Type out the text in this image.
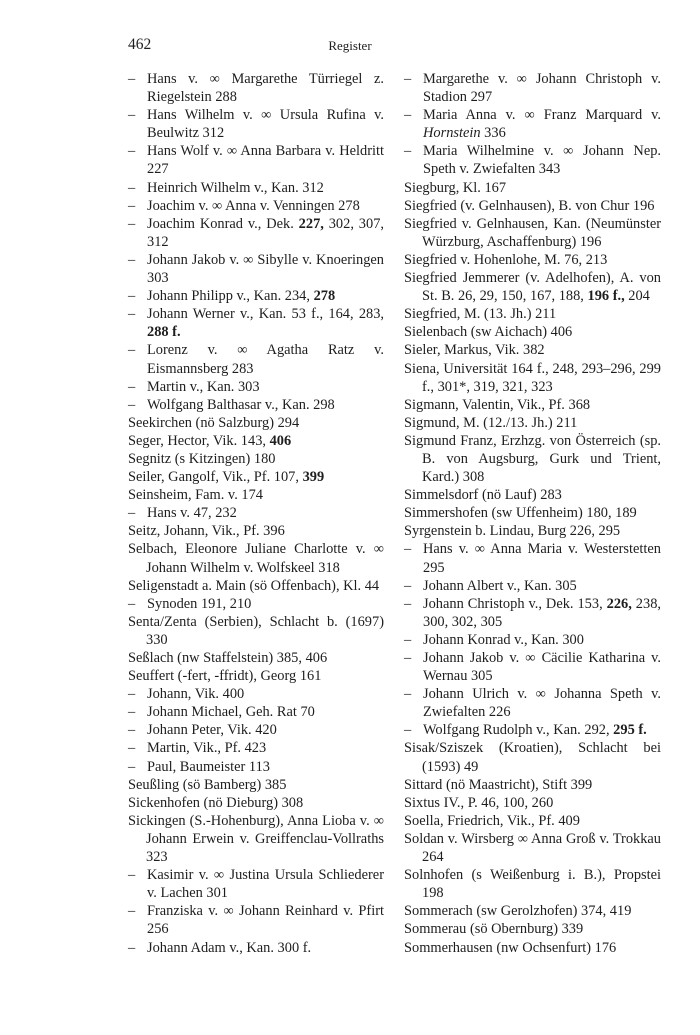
462	Register

– Hans v. ∞ Margarethe Türriegel z. Riegelstein 288

– Hans Wilhelm v. ∞ Ursula Rufina v. Beulwitz 312

– Hans Wolf v. ∞ Anna Barbara v. Heldritt 227

– Heinrich Wilhelm v., Kan. 312

– Joachim v. ∞ Anna v. Venningen 278

– Joachim Konrad v., Dek. 227, 302, 307, 312

– Johann Jakob v. ∞ Sibylle v. Knoeringen 303

– Johann Philipp v., Kan. 234, 278

– Johann Werner v., Kan. 53 f., 164, 283, 288 f.

– Lorenz v. ∞ Agatha Ratz v. Eismannsberg 283

– Martin v., Kan. 303

– Wolfgang Balthasar v., Kan. 298

Seekirchen (nö Salzburg) 294

Seger, Hector, Vik. 143, 406

Segnitz (s Kitzingen) 180

Seiler, Gangolf, Vik., Pf. 107, 399

Seinsheim, Fam. v. 174

– Hans v. 47, 232

Seitz, Johann, Vik., Pf. 396

Selbach, Eleonore Juliane Charlotte v. ∞ Johann Wilhelm v. Wolfskeel 318

Seligenstadt a. Main (sö Offenbach), Kl. 44

– Synoden 191, 210

Senta/Zenta (Serbien), Schlacht b. (1697) 330

Seßlach (nw Staffelstein) 385, 406

Seuffert (-fert, -ffridt), Georg 161

– Johann, Vik. 400

– Johann Michael, Geh. Rat 70

– Johann Peter, Vik. 420

– Martin, Vik., Pf. 423

– Paul, Baumeister 113

Seußling (sö Bamberg) 385

Sickenhofen (nö Dieburg) 308

Sickingen (S.-Hohenburg), Anna Lioba v. ∞ Johann Erwein v. Greiffenclau-Vollraths 323

– Kasimir v. ∞ Justina Ursula Schliederer v. Lachen 301

– Franziska v. ∞ Johann Reinhard v. Pfirt 256

– Johann Adam v., Kan. 300 f.

– Margarethe v. ∞ Johann Christoph v. Stadion 297

– Maria Anna v. ∞ Franz Marquard v. Hornstein 336

– Maria Wilhelmine v. ∞ Johann Nep. Speth v. Zwiefalten 343

Siegburg, Kl. 167

Siegfried (v. Gelnhausen), B. von Chur 196

Siegfried v. Gelnhausen, Kan. (Neumünster Würzburg, Aschaffenburg) 196

Siegfried v. Hohenlohe, M. 76, 213

Siegfried Jemmerer (v. Adelhofen), A. von St. B. 26, 29, 150, 167, 188, 196 f., 204

Siegfried, M. (13. Jh.) 211

Sielenbach (sw Aichach) 406

Sieler, Markus, Vik. 382

Siena, Universität 164 f., 248, 293–296, 299 f., 301*, 319, 321, 323

Sigmann, Valentin, Vik., Pf. 368

Sigmund, M. (12./13. Jh.) 211

Sigmund Franz, Erzhzg. von Österreich (sp. B. von Augsburg, Gurk und Trient, Kard.) 308

Simmelsdorf (nö Lauf) 283

Simmershofen (sw Uffenheim) 180, 189

Syrgenstein b. Lindau, Burg 226, 295

– Hans v. ∞ Anna Maria v. Westerstetten 295

– Johann Albert v., Kan. 305

– Johann Christoph v., Dek. 153, 226, 238, 300, 302, 305

– Johann Konrad v., Kan. 300

– Johann Jakob v. ∞ Cäcilie Katharina v. Wernau 305

– Johann Ulrich v. ∞ Johanna Speth v. Zwiefalten 226

– Wolfgang Rudolph v., Kan. 292, 295 f.

Sisak/Sziszek (Kroatien), Schlacht bei (1593) 49

Sittard (nö Maastricht), Stift 399

Sixtus IV., P. 46, 100, 260

Soella, Friedrich, Vik., Pf. 409

Soldan v. Wirsberg ∞ Anna Groß v. Trokkau 264

Solnhofen (s Weißenburg i. B.), Propstei 198

Sommerach (sw Gerolzhofen) 374, 419

Sommerau (sö Obernburg) 339

Sommerhausen (nw Ochsenfurt) 176
